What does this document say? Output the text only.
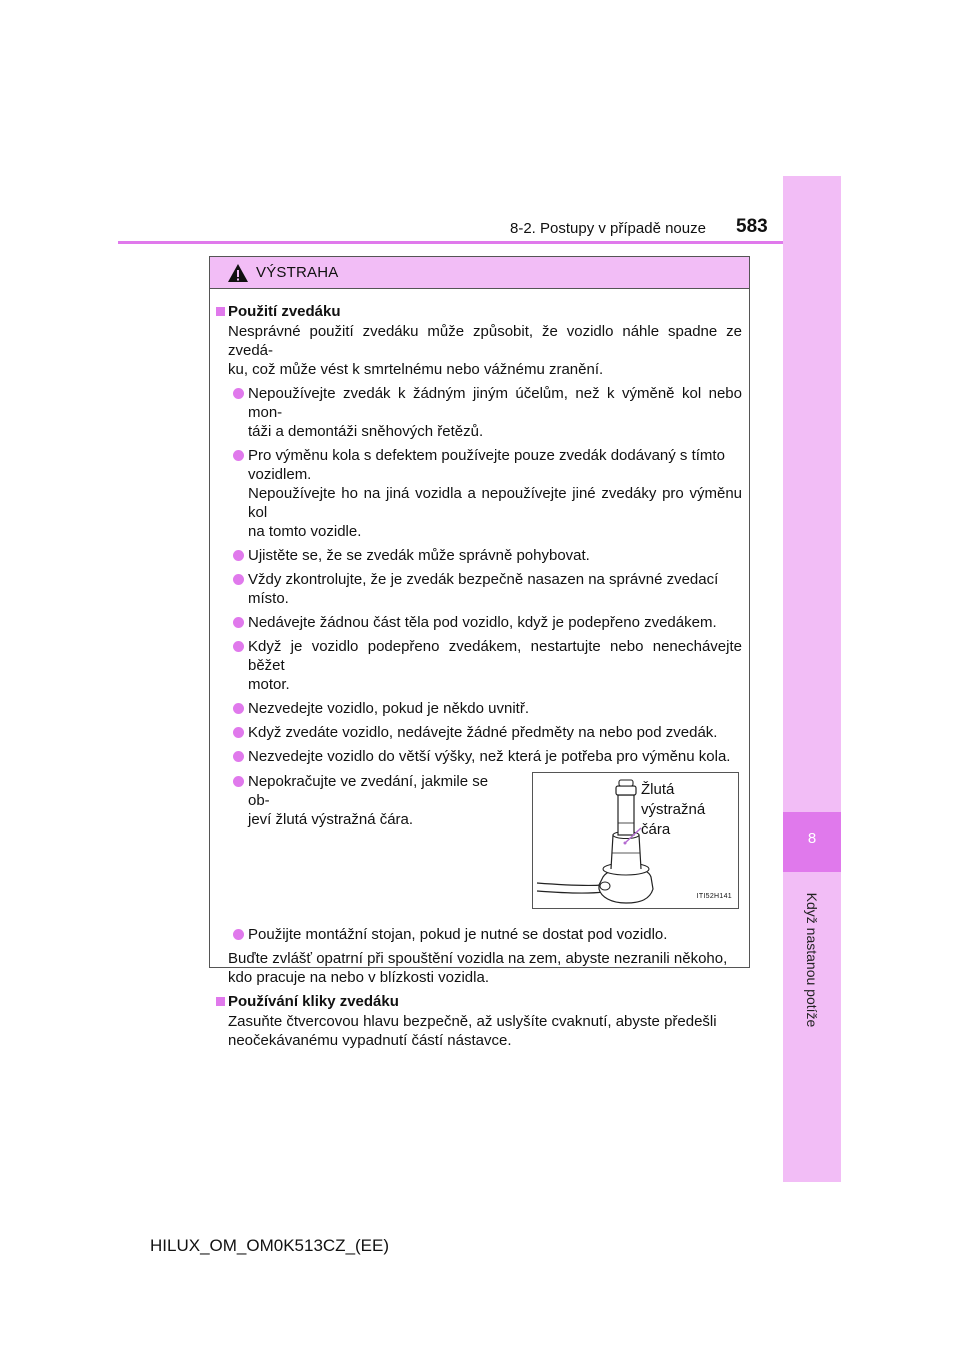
8
Když nastanou potíže
8-2. Postupy v případě nouze 583
VÝSTRAHA
Použití zvedáku
Nesprávné použití zvedáku může způsobit, že vozidlo náhle spadne ze zvedá-
ku, což může vést k smrtelnému nebo vážnému zranění.
Nepoužívejte zvedák k žádným jiným účelům, než k výměně kol nebo mon-
táži a demontáži sněhových řetězů.
Pro výměnu kola s defektem používejte pouze zvedák dodávaný s tímto
vozidlem.
Nepoužívejte ho na jiná vozidla a nepoužívejte jiné zvedáky pro výměnu kol
na tomto vozidle.
Ujistěte se, že se zvedák může správně pohybovat.
Vždy zkontrolujte, že je zvedák bezpečně nasazen na správné zvedací
místo.
Nedávejte žádnou část těla pod vozidlo, když je podepřeno zvedákem.
Když je vozidlo podepřeno zvedákem, nestartujte nebo nenechávejte běžet
motor.
Nezvedejte vozidlo, pokud je někdo uvnitř.
Když zvedáte vozidlo, nedávejte žádné předměty na nebo pod zvedák.
Nezvedejte vozidlo do větší výšky, než která je potřeba pro výměnu kola.
Nepokračujte ve zvedání, jakmile se ob-
jeví žlutá výstražná čára.
Žlutá
výstražná
čára
ITI52H141
Použijte montážní stojan, pokud je nutné se dostat pod vozidlo.
Buďte zvlášť opatrní při spouštění vozidla na zem, abyste nezranili někoho,
kdo pracuje na nebo v blízkosti vozidla.
Používání kliky zvedáku
Zasuňte čtvercovou hlavu bezpečně, až uslyšíte cvaknutí, abyste předešli
neočekávanému vypadnutí částí nástavce.
HILUX_OM_OM0K513CZ_(EE)
